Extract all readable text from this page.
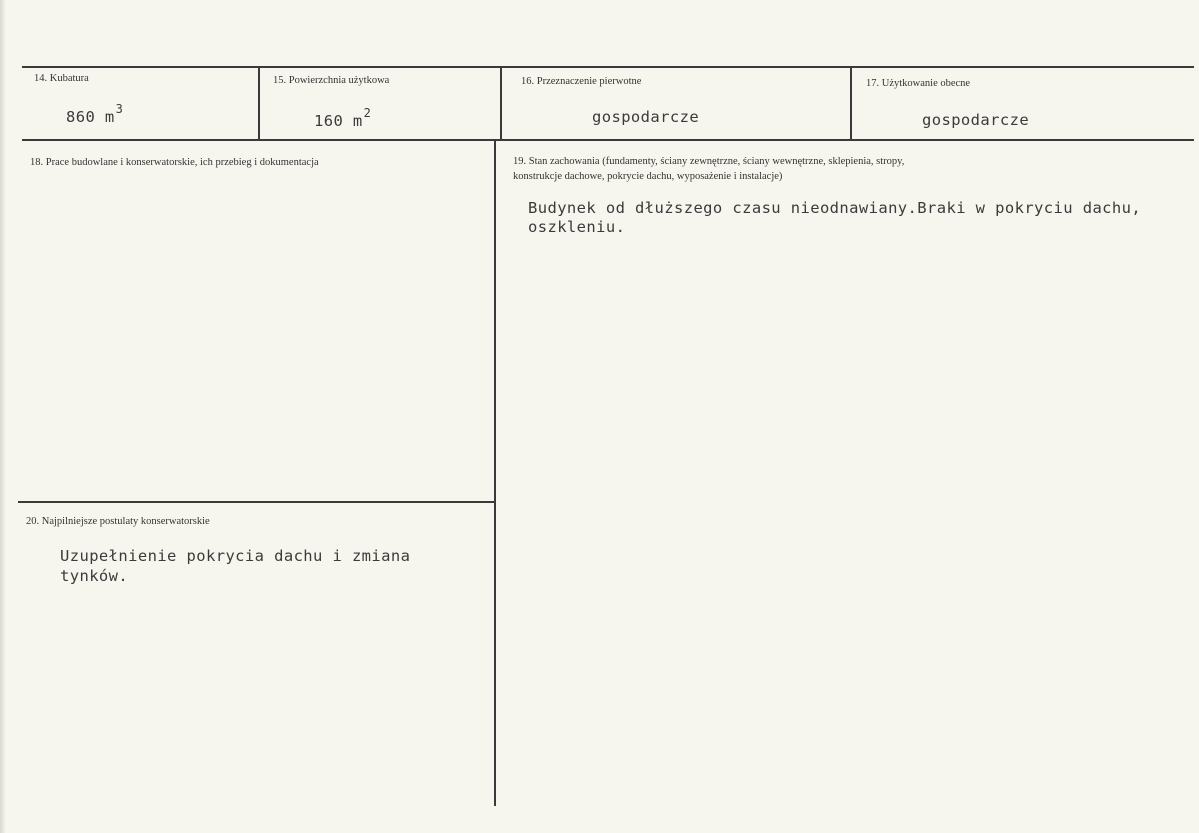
14. Kubatura
860 $m^3$
15. Powierzchnia użytkowa
160 $m^2$
16. Przeznaczenie pierwotne
gospodarcze
17. Użytkowanie obecne
gospodarcze
18. Prace budowlane i konserwatorskie, ich przebieg i dokumentacja	19. Stan zachowania (fundamenty, ściany zewnętrzne, ściany wewnętrzne, sklepienia, stropy,
konstrukcje dachowe, pokrycie dachu, wyposażenie i instalacje)
Budynek od dłuższego czasu nieodnawiany.Braki w pokryciu dachu,
oszkleniu.
20. Najpilniejsze postulaty konserwatorskie
Uzupełnienie pokrycia dachu i zmiana
tynków.
